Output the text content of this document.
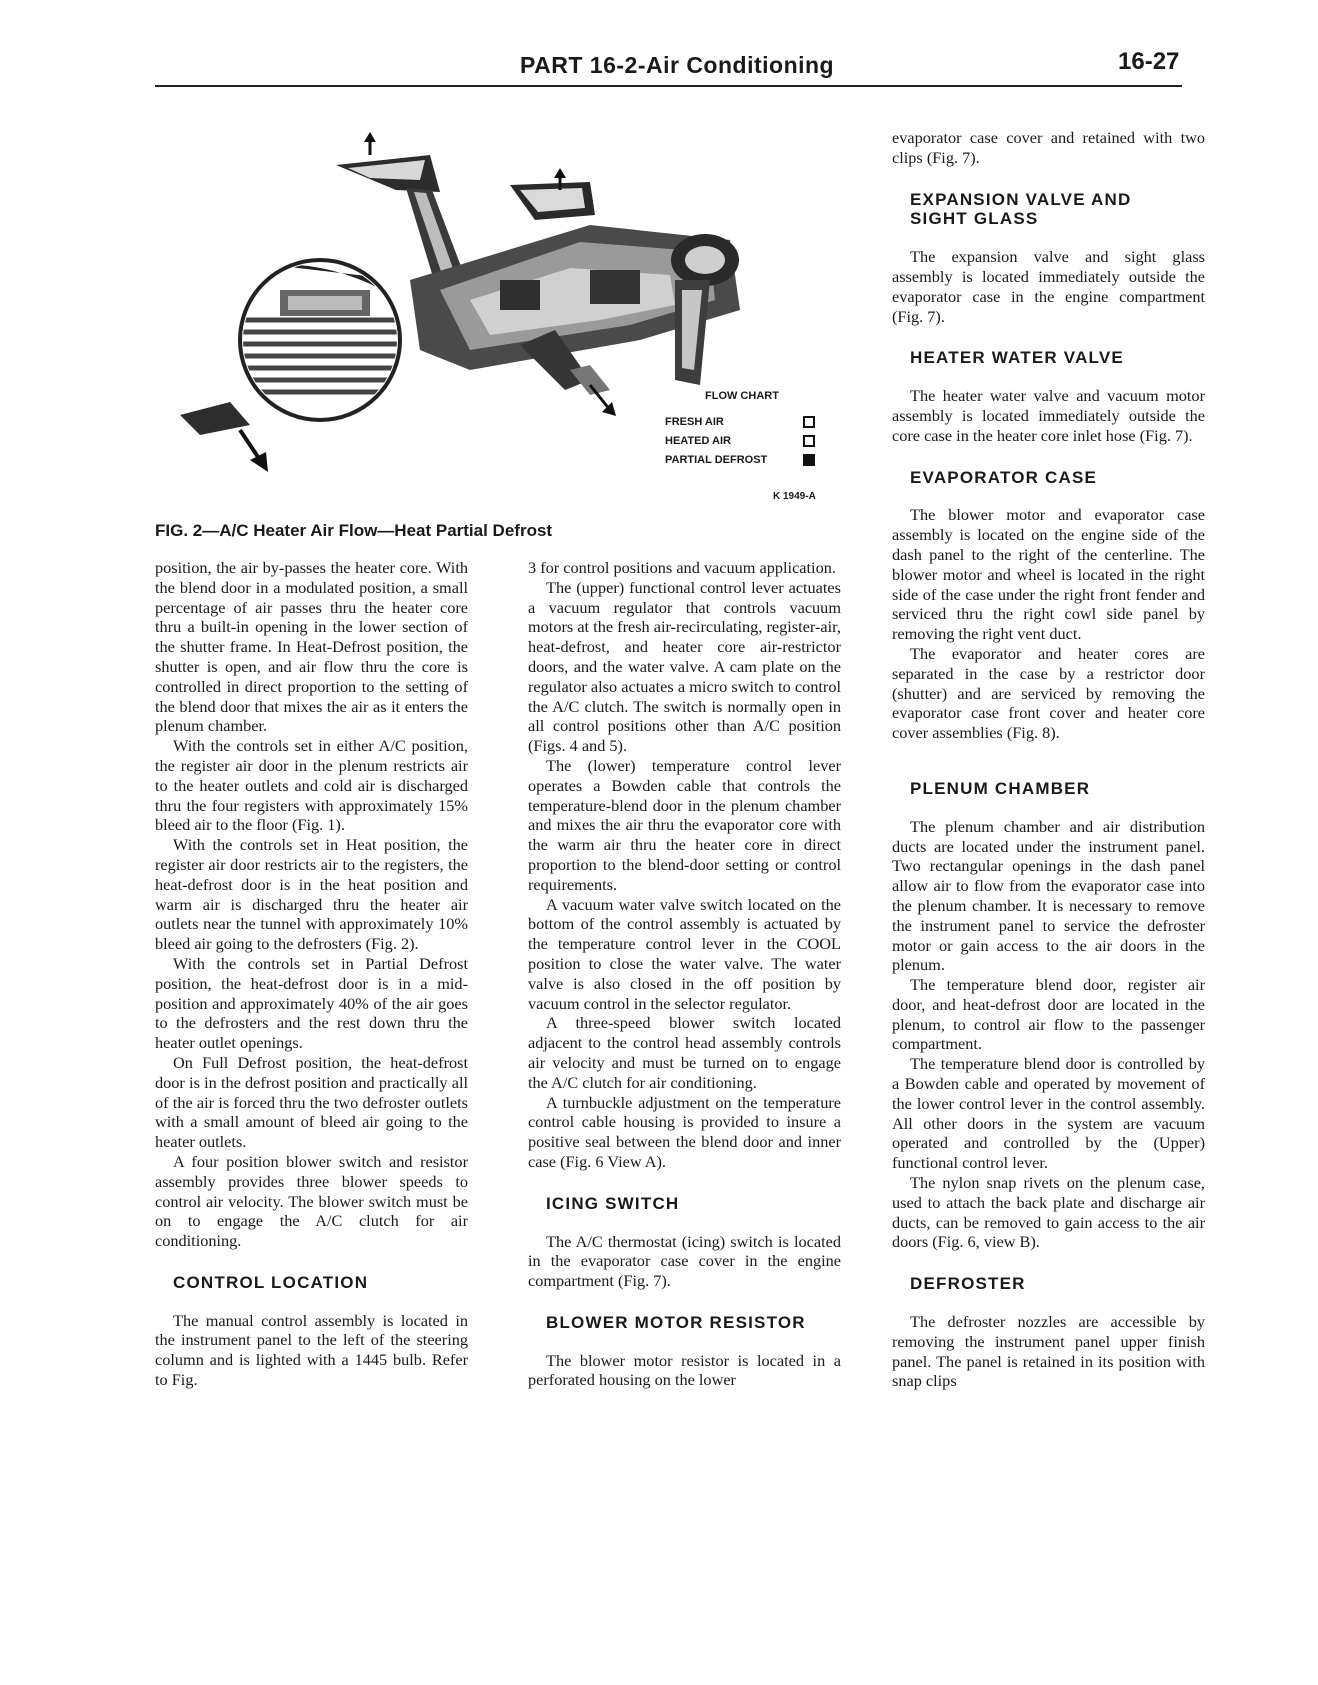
PART 16-2-Air Conditioning	16-27
FLOW CHART
FRESH AIR
HEATED AIR
PARTIAL DEFROST
K 1949-A
FIG. 2—A/C Heater Air Flow—Heat Partial Defrost

position, the air by-passes the heater core. With the blend door in a modulated position, a small percentage of air passes thru the heater core thru a built-in opening in the lower section of the shutter frame. In Heat-Defrost position, the shutter is open, and air flow thru the core is controlled in direct proportion to the setting of the blend door that mixes the air as it enters the plenum chamber.

With the controls set in either A/C position, the register air door in the plenum restricts air to the heater outlets and cold air is discharged thru the four registers with approximately 15% bleed air to the floor (Fig. 1).

With the controls set in Heat position, the register air door restricts air to the registers, the heat-defrost door is in the heat position and warm air is discharged thru the heater air outlets near the tunnel with approximately 10% bleed air going to the defrosters (Fig. 2).

With the controls set in Partial Defrost position, the heat-defrost door is in a mid-position and approximately 40% of the air goes to the defrosters and the rest down thru the heater outlet openings.

On Full Defrost position, the heat-defrost door is in the defrost position and practically all of the air is forced thru the two defroster outlets with a small amount of bleed air going to the heater outlets.

A four position blower switch and resistor assembly provides three blower speeds to control air velocity. The blower switch must be on to engage the A/C clutch for air conditioning.

CONTROL LOCATION

The manual control assembly is located in the instrument panel to the left of the steering column and is lighted with a 1445 bulb. Refer to Fig.

3 for control positions and vacuum application.

The (upper) functional control lever actuates a vacuum regulator that controls vacuum motors at the fresh air-recirculating, register-air, heat-defrost, and heater core air-restrictor doors, and the water valve. A cam plate on the regulator also actuates a micro switch to control the A/C clutch. The switch is normally open in all control positions other than A/C position (Figs. 4 and 5).

The (lower) temperature control lever operates a Bowden cable that controls the temperature-blend door in the plenum chamber and mixes the air thru the evaporator core with the warm air thru the heater core in direct proportion to the blend-door setting or control requirements.

A vacuum water valve switch located on the bottom of the control assembly is actuated by the temperature control lever in the COOL position to close the water valve. The water valve is also closed in the off position by vacuum control in the selector regulator.

A three-speed blower switch located adjacent to the control head assembly controls air velocity and must be turned on to engage the A/C clutch for air conditioning.

A turnbuckle adjustment on the temperature control cable housing is provided to insure a positive seal between the blend door and inner case (Fig. 6 View A).

ICING SWITCH

The A/C thermostat (icing) switch is located in the evaporator case cover in the engine compartment (Fig. 7).

BLOWER MOTOR RESISTOR

The blower motor resistor is located in a perforated housing on the lower

evaporator case cover and retained with two clips (Fig. 7).

EXPANSION VALVE AND SIGHT GLASS

The expansion valve and sight glass assembly is located immediately outside the evaporator case in the engine compartment (Fig. 7).

HEATER WATER VALVE

The heater water valve and vacuum motor assembly is located immediately outside the core case in the heater core inlet hose (Fig. 7).

EVAPORATOR CASE

The blower motor and evaporator case assembly is located on the engine side of the dash panel to the right of the centerline. The blower motor and wheel is located in the right side of the case under the right front fender and serviced thru the right cowl side panel by removing the right vent duct.

The evaporator and heater cores are separated in the case by a restrictor door (shutter) and are serviced by removing the evaporator case front cover and heater core cover assemblies (Fig. 8).

PLENUM CHAMBER

The plenum chamber and air distribution ducts are located under the instrument panel. Two rectangular openings in the dash panel allow air to flow from the evaporator case into the plenum chamber. It is necessary to remove the instrument panel to service the defroster motor or gain access to the air doors in the plenum.

The temperature blend door, register air door, and heat-defrost door are located in the plenum, to control air flow to the passenger compartment.

The temperature blend door is controlled by a Bowden cable and operated by movement of the lower control lever in the control assembly. All other doors in the system are vacuum operated and controlled by the (Upper) functional control lever.

The nylon snap rivets on the plenum case, used to attach the back plate and discharge air ducts, can be removed to gain access to the air doors (Fig. 6, view B).

DEFROSTER

The defroster nozzles are accessible by removing the instrument panel upper finish panel. The panel is retained in its position with snap clips
